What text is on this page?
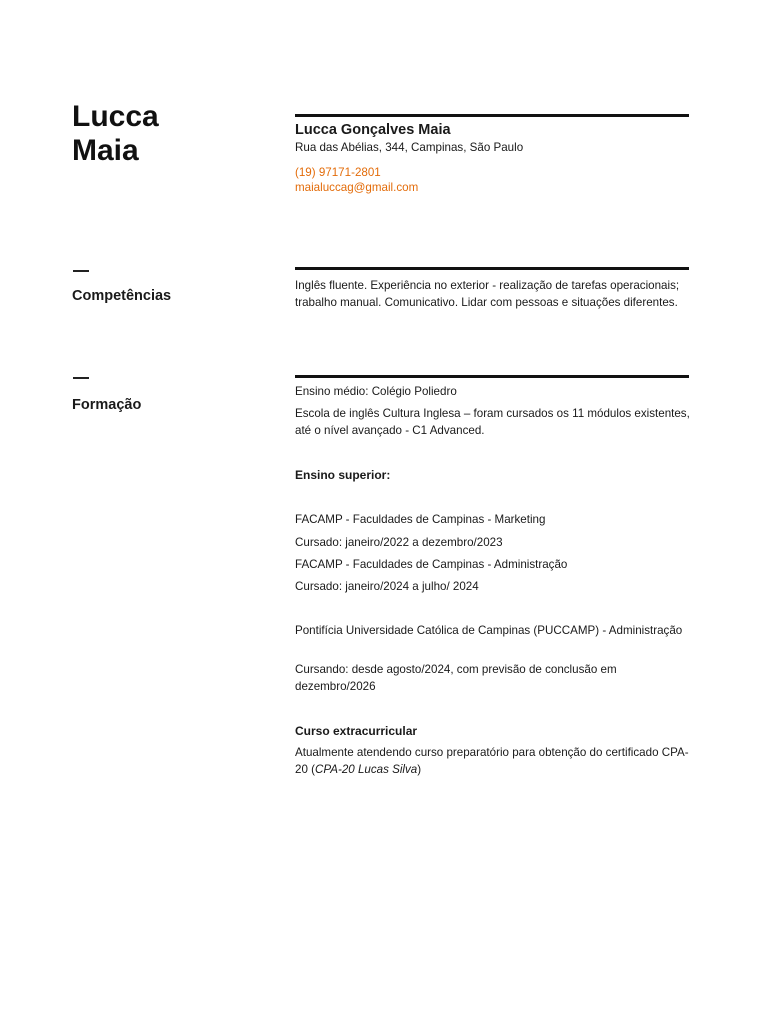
Lucca
Maia

Lucca Gonçalves Maia

Rua das Abélias, 344, Campinas, São Paulo

(19) 97171-2801

maialuccag@gmail.com

Competências

Inglês fluente. Experiência no exterior - realização de tarefas operacionais; trabalho manual. Comunicativo. Lidar com pessoas e situações diferentes.

Formação

Ensino médio: Colégio Poliedro

Escola de inglês Cultura Inglesa – foram cursados os 11 módulos existentes, até o nível avançado - C1 Advanced.

Ensino superior:
FACAMP - Faculdades de Campinas - Marketing
Cursado: janeiro/2022 a dezembro/2023
FACAMP - Faculdades de Campinas - Administração
Cursado: janeiro/2024 a julho/ 2024

Pontifícia Universidade Católica de Campinas (PUCCAMP) - Administração

Cursando: desde agosto/2024, com previsão de conclusão em dezembro/2026

Curso extracurricular

Atualmente atendendo curso preparatório para obtenção do certificado CPA-20 (CPA-20 Lucas Silva)
